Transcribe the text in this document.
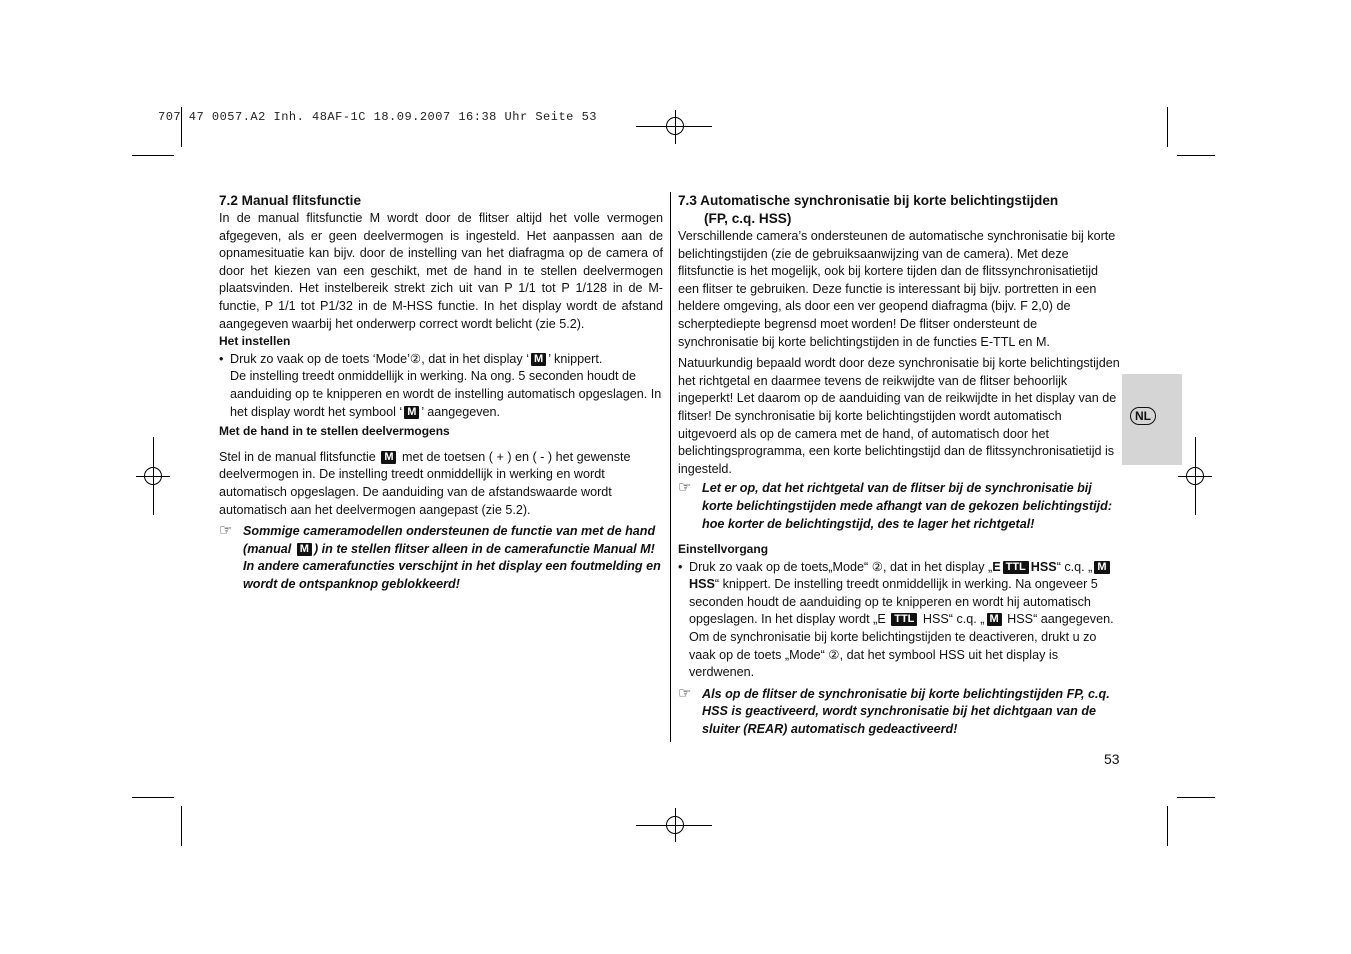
707 47 0057.A2 Inh. 48AF-1C 18.09.2007 16:38 Uhr Seite 53

7.2 Manual flitsfunctie

In de manual flitsfunctie M wordt door de flitser altijd het volle vermogen afgegeven, als er geen deelvermogen is ingesteld. Het aanpassen aan de opnamesituatie kan bijv. door de instelling van het diafragma op de camera of door het kiezen van een geschikt, met de hand in te stellen deelvermogen plaatsvinden. Het instelbereik strekt zich uit van P 1/1 tot P 1/128 in de M-functie, P 1/1 tot P1/32 in de M-HSS functie. In het display wordt de afstand aangegeven waarbij het onderwerp correct wordt belicht (zie 5.2).

Het instellen

• Druk zo vaak op de toets ‘Mode’②, dat in het display ‘ M ’ knippert.
De instelling treedt onmiddellijk in werking. Na ong. 5 seconden houdt de aanduiding op te knipperen en wordt de instelling automatisch opgeslagen. In het display wordt het symbool ‘ M ’ aangegeven.

Met de hand in te stellen deelvermogens

Stel in de manual flitsfunctie M met de toetsen ( + ) en ( - ) het gewenste deelvermogen in. De instelling treedt onmiddellijk in werking en wordt automatisch opgeslagen. De aanduiding van de afstandswaarde wordt automatisch aan het deelvermogen aangepast (zie 5.2).

☞ Sommige cameramodellen ondersteunen de functie van met de hand (manual M ) in te stellen flitser alleen in de camerafunctie Manual M! In andere camerafuncties verschijnt in het display een foutmelding en wordt de ontspanknop geblokkeerd!

7.3 Automatische synchronisatie bij korte belichtingstijden

(FP, c.q. HSS)

Verschillende camera’s ondersteunen de automatische synchronisatie bij korte belichtingstijden (zie de gebruiksaanwijzing van de camera). Met deze flitsfunctie is het mogelijk, ook bij kortere tijden dan de flitssynchronisatietijd een flitser te gebruiken. Deze functie is interessant bij bijv. portretten in een heldere omgeving, als door een ver geopend diafragma (bijv. F 2,0) de scherptediepte begrensd moet worden! De flitser ondersteunt de synchronisatie bij korte belichtingstijden in de functies E-TTL en M.

Natuurkundig bepaald wordt door deze synchronisatie bij korte belichtingstijden het richtgetal en daarmee tevens de reikwijdte van de flitser behoorlijk ingeperkt! Let daarom op de aanduiding van de reikwijdte in het display van de flitser! De synchronisatie bij korte belichtingstijden wordt automatisch uitgevoerd als op de camera met de hand, of automatisch door het belichtingsprogramma, een korte belichtingstijd dan de flitssynchronisatietijd is ingesteld.

☞ Let er op, dat het richtgetal van de flitser bij de synchronisatie bij korte belichtingstijden mede afhangt van de gekozen belichtingstijd: hoe korter de belichtingstijd, des te lager het richtgetal!

Einstellvorgang

• Druk zo vaak op de toets„Mode“ ②, dat in het display „E TTL HSS“ c.q. „ M
HSS“ knippert. De instelling treedt onmiddellijk in werking. Na ongeveer 5 seconden houdt de aanduiding op te knipperen en wordt hij automatisch opgeslagen. In het display wordt „E TTL HSS“ c.q. „ M HSS“ aangegeven. Om de synchronisatie bij korte belichtingstijden te deactiveren, drukt u zo vaak op de toets „Mode“ ②, dat het symbool HSS uit het display is verdwenen.
☞ Als op de flitser de synchronisatie bij korte belichtingstijden FP, c.q. HSS is geactiveerd, wordt synchronisatie bij het dichtgaan van de sluiter (REAR) automatisch gedeactiveerd!
NL
53
